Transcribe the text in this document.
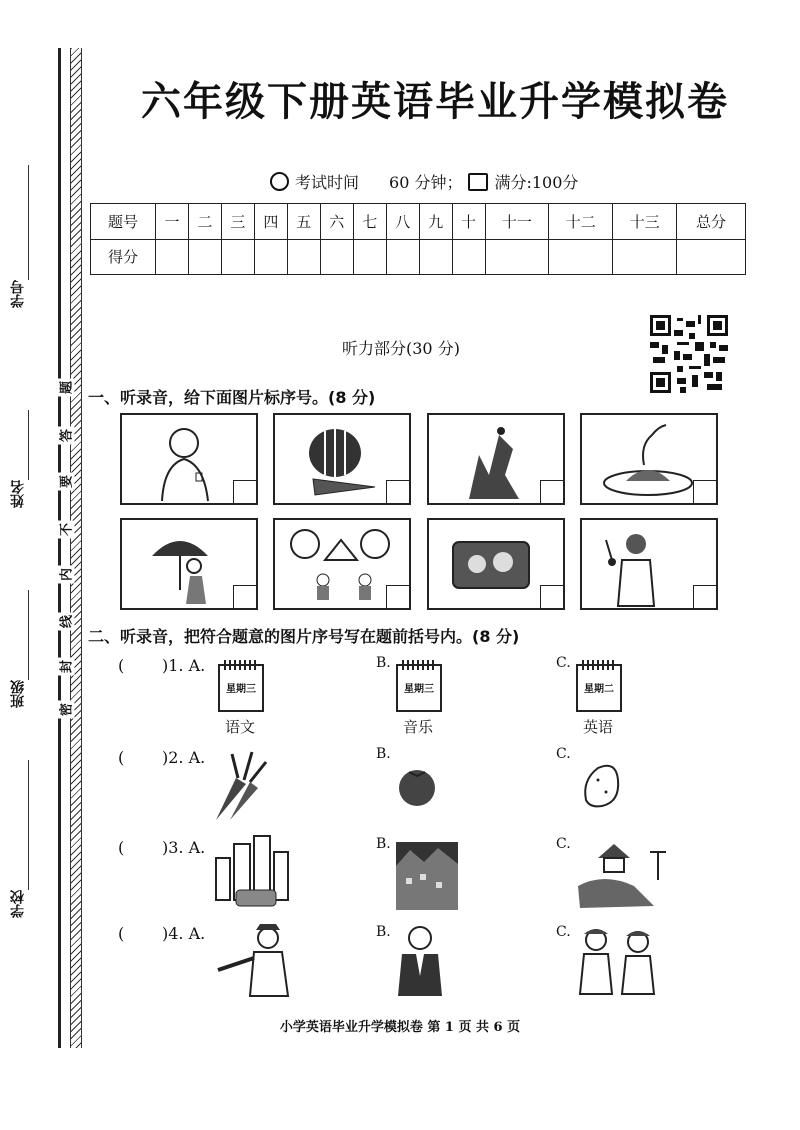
学号
姓名
班级
学校
题
答
要
不
内
线
封
密
六年级下册英语毕业升学模拟卷
考试时间 60 分钟； 满分 :100分
题号	一	二	三	四	五	六	七	八	九	十	十一	十二	十三	总分
得分														
听力部分(30 分)
一、听录音，给下面图片标序号。(8 分)
二、听录音，把符合题意的图片序号写在题前括号内。(8 分)
( )1. A.
星期三
语文
B.
星期三
音乐
C.
星期二
英语
( )2. A.	B.	C.
( )3. A.	B.	C.
( )4. A.	B.	C.
小学英语毕业升学模拟卷 第 1 页 共 6 页
